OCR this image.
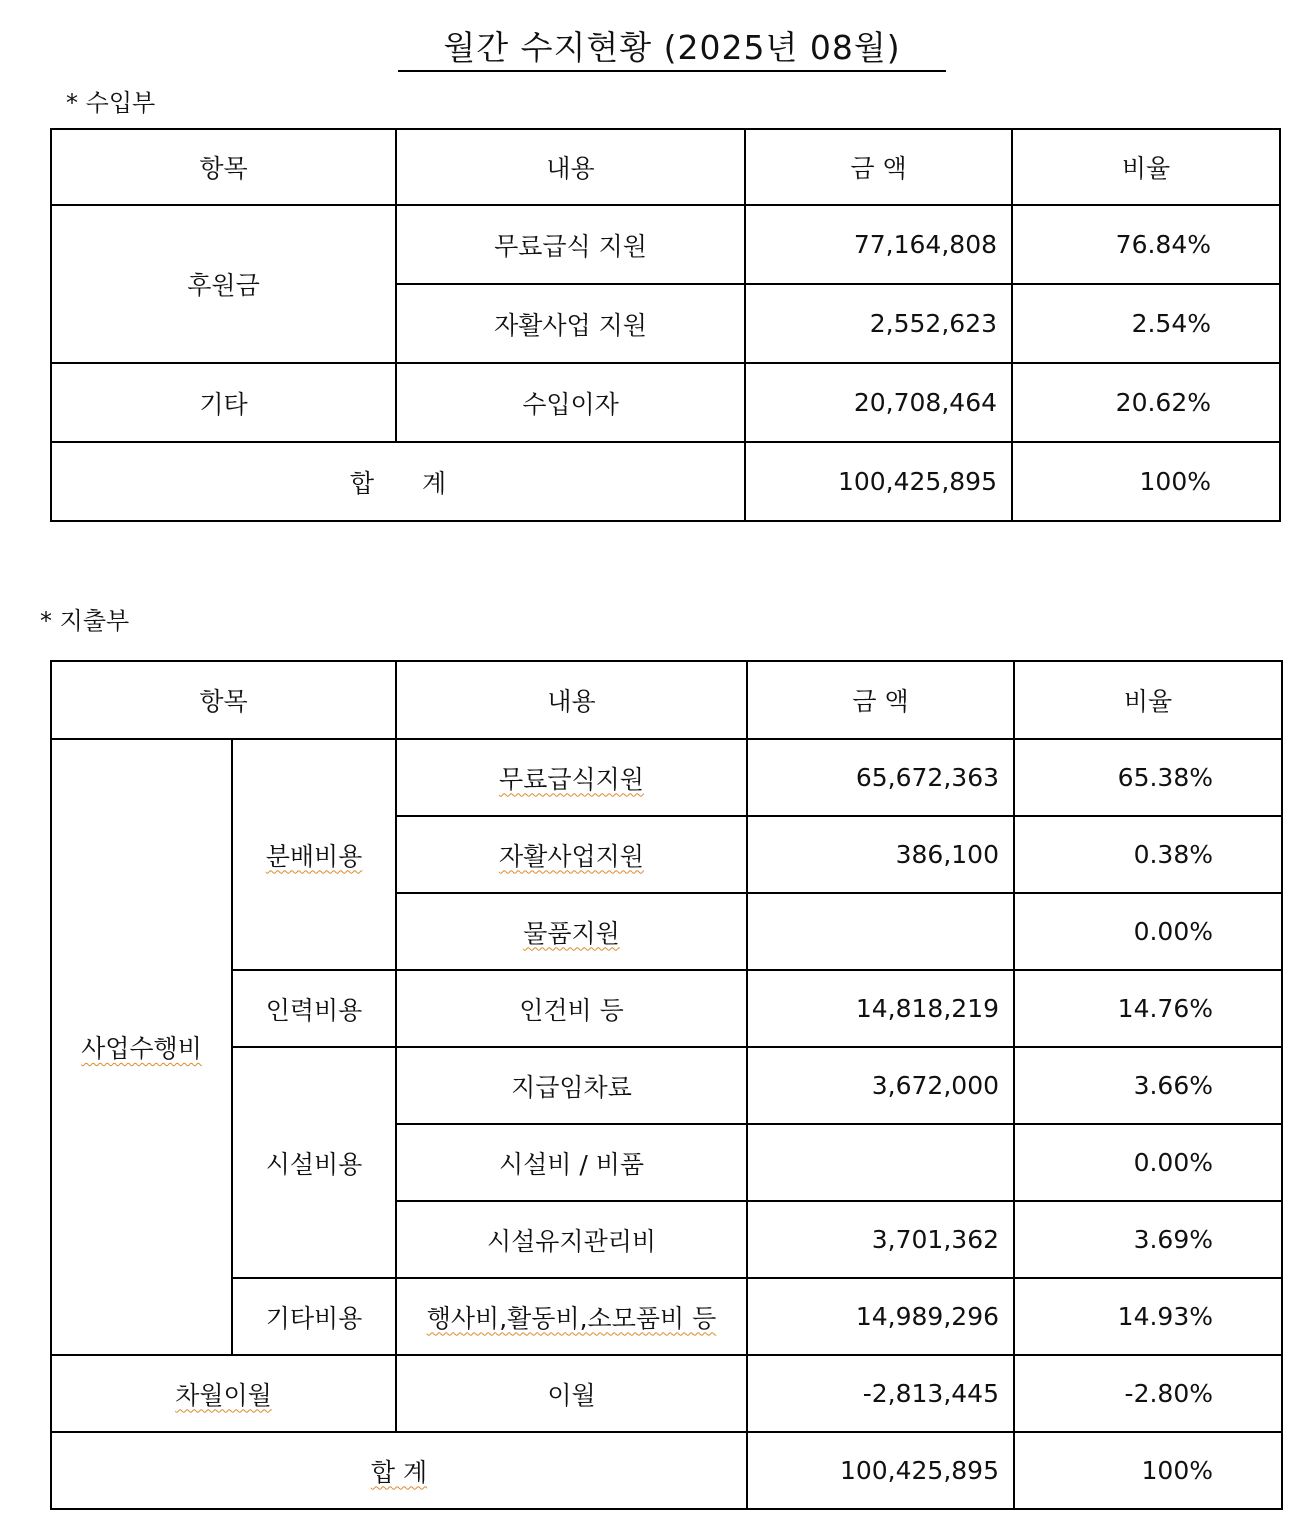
월간 수지현황 (2025년 08월)
* 수입부
항목	내용	금 액	비율
후원금	무료급식 지원	77,164,808	76.84%
	자활사업 지원	2,552,623	2.54%
기타	수입이자	20,708,464	20.62%
합 계		100,425,895	100%
* 지출부
항목		내용	금 액	비율
사업수행비	분배비용	무료급식지원	65,672,363	65.38%
		자활사업지원	386,100	0.38%
		물품지원		0.00%
	인력비용	인건비 등	14,818,219	14.76%
	시설비용	지급임차료	3,672,000	3.66%
		시설비 / 비품		0.00%
		시설유지관리비	3,701,362	3.69%
	기타비용	행사비,활동비,소모품비 등	14,989,296	14.93%
차월이월		이월	-2,813,445	-2.80%
합 계			100,425,895	100%
